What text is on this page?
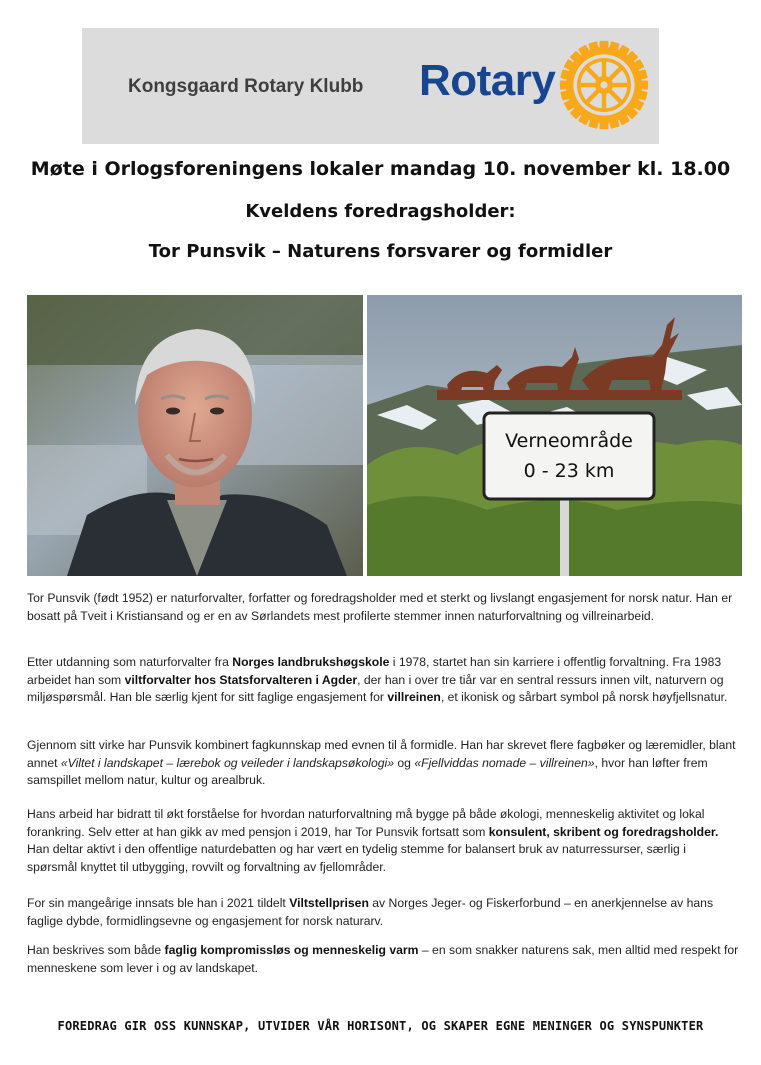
Kongsgaard Rotary Klubb Rotary
Møte i Orlogsforeningens lokaler mandag 10. november kl. 18.00
Kveldens foredragsholder:
Tor Punsvik – Naturens forsvarer og formidler
Verneområde
0 - 23 km
Tor Punsvik (født 1952) er naturforvalter, forfatter og foredragsholder med et sterkt og livslangt engasjement for norsk natur. Han er bosatt på Tveit i Kristiansand og er en av Sørlandets mest profilerte stemmer innen naturforvaltning og villreinarbeid.
Etter utdanning som naturforvalter fra Norges landbrukshøgskole i 1978, startet han sin karriere i offentlig forvaltning. Fra 1983 arbeidet han som viltforvalter hos Statsforvalteren i Agder, der han i over tre tiår var en sentral ressurs innen vilt, naturvern og miljøspørsmål. Han ble særlig kjent for sitt faglige engasjement for villreinen, et ikonisk og sårbart symbol på norsk høyfjellsnatur.
Gjennom sitt virke har Punsvik kombinert fagkunnskap med evnen til å formidle. Han har skrevet flere fagbøker og læremidler, blant annet «Viltet i landskapet – lærebok og veileder i landskapsøkologi» og «Fjellviddas nomade – villreinen», hvor han løfter frem samspillet mellom natur, kultur og arealbruk.
Hans arbeid har bidratt til økt forståelse for hvordan naturforvaltning må bygge på både økologi, menneskelig aktivitet og lokal forankring. Selv etter at han gikk av med pensjon i 2019, har Tor Punsvik fortsatt som konsulent, skribent og foredragsholder. Han deltar aktivt i den offentlige naturdebatten og har vært en tydelig stemme for balansert bruk av naturressurser, særlig i spørsmål knyttet til utbygging, rovvilt og forvaltning av fjellområder.
For sin mangeårige innsats ble han i 2021 tildelt Viltstellprisen av Norges Jeger- og Fiskerforbund – en anerkjennelse av hans faglige dybde, formidlingsevne og engasjement for norsk naturarv.
Han beskrives som både faglig kompromissløs og menneskelig varm – en som snakker naturens sak, men alltid med respekt for menneskene som lever i og av landskapet.
FOREDRAG GIR OSS KUNNSKAP, UTVIDER VÅR HORISONT, OG SKAPER EGNE MENINGER OG SYNSPUNKTER
